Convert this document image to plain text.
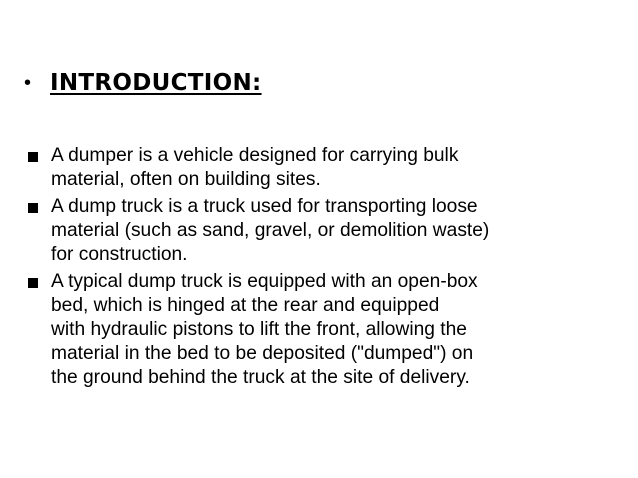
• INTRODUCTION:
A dumper is a vehicle designed for carrying bulk
material, often on building sites.
A dump truck is a truck used for transporting loose
material (such as sand, gravel, or demolition waste)
for construction.
A typical dump truck is equipped with an open-box
bed, which is hinged at the rear and equipped
with hydraulic pistons to lift the front, allowing the
material in the bed to be deposited ("dumped") on
the ground behind the truck at the site of delivery.
